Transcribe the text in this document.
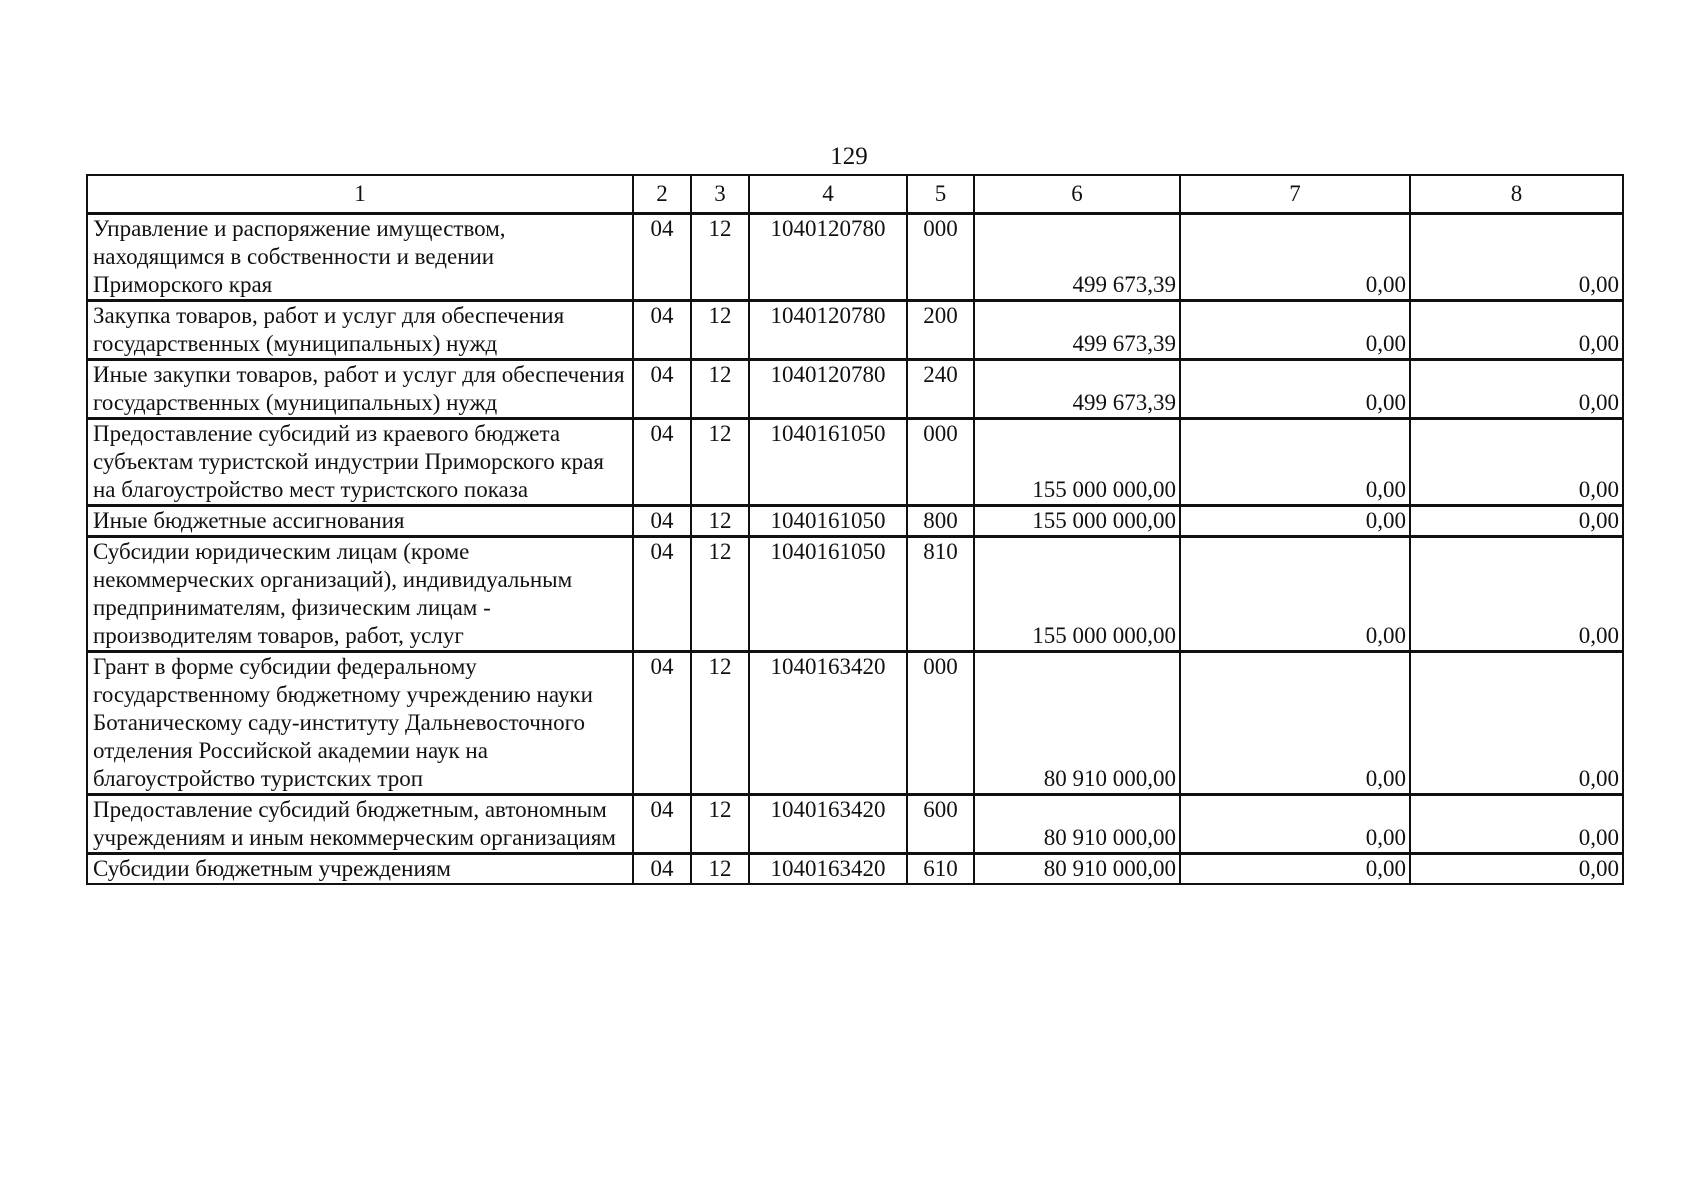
129
1	2	3	4	5	6	7	8
Управление и распоряжение имуществом, находящимся в собственности и ведении Приморского края	04	12	1040120780	000	499 673,39	0,00	0,00
Закупка товаров, работ и услуг для обеспечения государственных (муниципальных) нужд	04	12	1040120780	200	499 673,39	0,00	0,00
Иные закупки товаров, работ и услуг для обеспечения государственных (муниципальных) нужд	04	12	1040120780	240	499 673,39	0,00	0,00
Предоставление субсидий из краевого бюджета субъектам туристской индустрии Приморского края на благоустройство мест туристского показа	04	12	1040161050	000	155 000 000,00	0,00	0,00
Иные бюджетные ассигнования	04	12	1040161050	800	155 000 000,00	0,00	0,00
Субсидии юридическим лицам (кроме некоммерческих организаций), индивидуальным предпринимателям, физическим лицам - производителям товаров, работ, услуг	04	12	1040161050	810	155 000 000,00	0,00	0,00
Грант в форме субсидии федеральному государственному бюджетному учреждению науки Ботаническому саду-институту Дальневосточного отделения Российской академии наук на благоустройство туристских троп	04	12	1040163420	000	80 910 000,00	0,00	0,00
Предоставление субсидий бюджетным, автономным учреждениям и иным некоммерческим организациям	04	12	1040163420	600	80 910 000,00	0,00	0,00
Субсидии бюджетным учреждениям	04	12	1040163420	610	80 910 000,00	0,00	0,00
